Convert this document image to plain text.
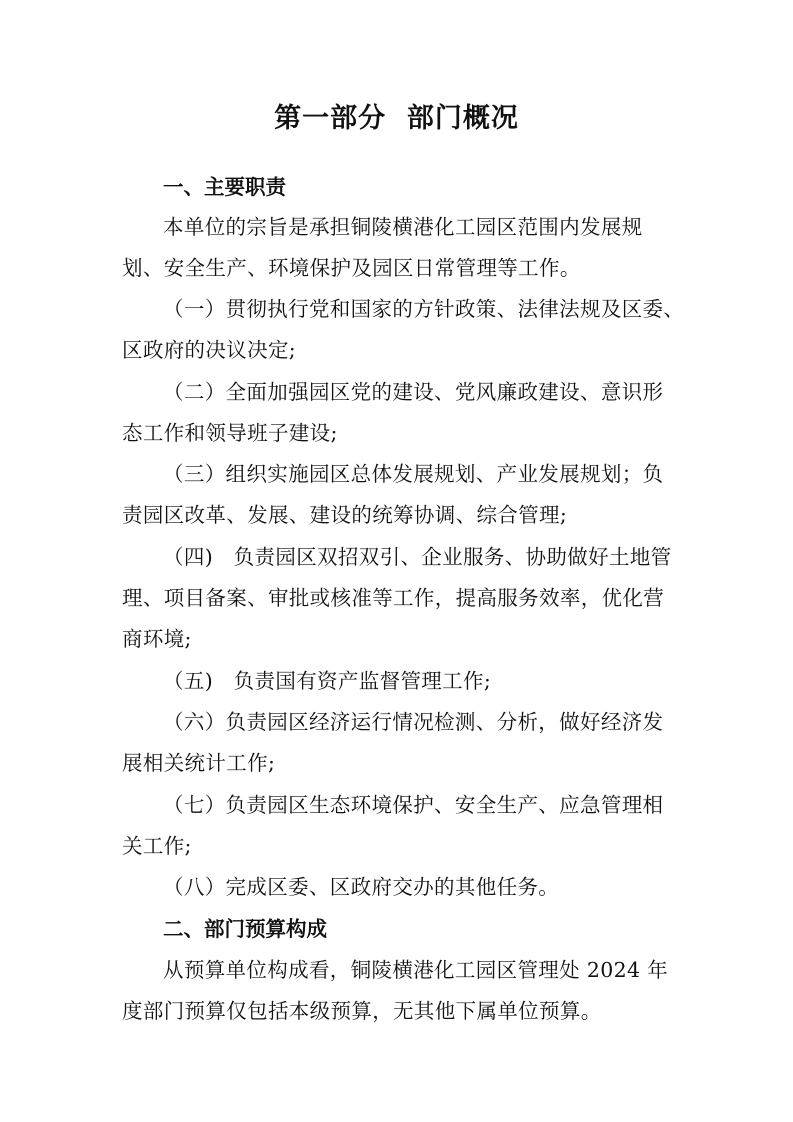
第一部分  部门概况
一、主要职责
本单位的宗旨是承担铜陵横港化工园区范围内发展规
划、安全生产、环境保护及园区日常管理等工作。
（一）贯彻执行党和国家的方针政策、法律法规及区委、
区政府的决议决定;
（二）全面加强园区党的建设、党风廉政建设、意识形
态工作和领导班子建设;
（三）组织实施园区总体发展规划、产业发展规划；负
责园区改革、发展、建设的统筹协调、综合管理;
（四)   负责园区双招双引、企业服务、协助做好土地管
理、项目备案、审批或核准等工作，提高服务效率，优化营
商环境;
（五)   负责国有资产监督管理工作;
（六）负责园区经济运行情况检测、分析，做好经济发
展相关统计工作;
（七）负责园区生态环境保护、安全生产、应急管理相
关工作;
（八）完成区委、区政府交办的其他任务。
二、部门预算构成
从预算单位构成看，铜陵横港化工园区管理处 2024 年
度部门预算仅包括本级预算，无其他下属单位预算。
